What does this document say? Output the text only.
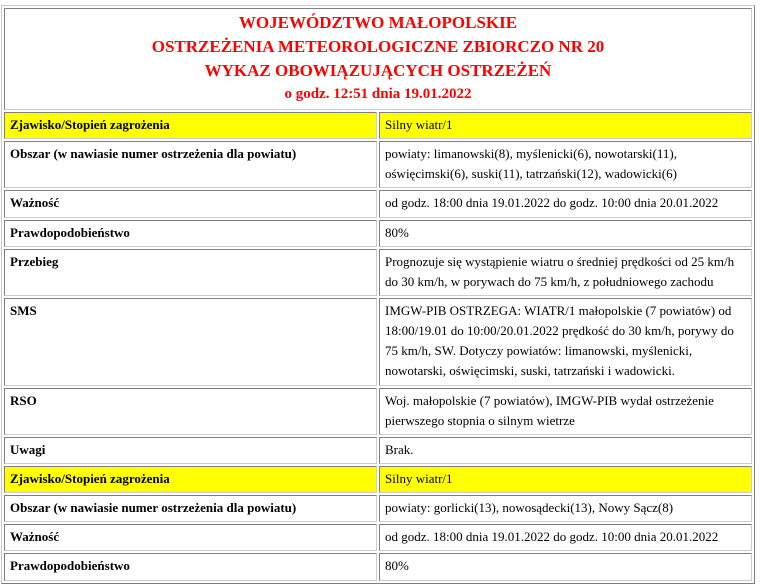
WOJEWÓDZTWO MAŁOPOLSKIE
OSTRZEŻENIA METEOROLOGICZNE ZBIORCZO NR 20
WYKAZ OBOWIĄZUJĄCYCH OSTRZEŻEŃ
o godz. 12:51 dnia 19.01.2022	

Zjawisko/Stopień zagrożenia	Silny wiatr/1
Obszar (w nawiasie numer ostrzeżenia dla powiatu)	powiaty: limanowski(8), myślenicki(6), nowotarski(11), oświęcimski(6), suski(11), tatrzański(12), wadowicki(6)
Ważność	od godz. 18:00 dnia 19.01.2022 do godz. 10:00 dnia 20.01.2022
Prawdopodobieństwo	80%
Przebieg	Prognozuje się wystąpienie wiatru o średniej prędkości od 25 km/h do 30 km/h, w porywach do 75 km/h, z południowego zachodu
SMS	IMGW-PIB OSTRZEGA: WIATR/1 małopolskie (7 powiatów) od 18:00/19.01 do 10:00/20.01.2022 prędkość do 30 km/h, porywy do 75 km/h, SW. Dotyczy powiatów: limanowski, myślenicki, nowotarski, oświęcimski, suski, tatrzański i wadowicki.
RSO	Woj. małopolskie (7 powiatów), IMGW-PIB wydał ostrzeżenie pierwszego stopnia o silnym wietrze
Uwagi	Brak.
Zjawisko/Stopień zagrożenia	Silny wiatr/1
Obszar (w nawiasie numer ostrzeżenia dla powiatu)	powiaty: gorlicki(13), nowosądecki(13), Nowy Sącz(8)
Ważność	od godz. 18:00 dnia 19.01.2022 do godz. 10:00 dnia 20.01.2022
Prawdopodobieństwo	80%
